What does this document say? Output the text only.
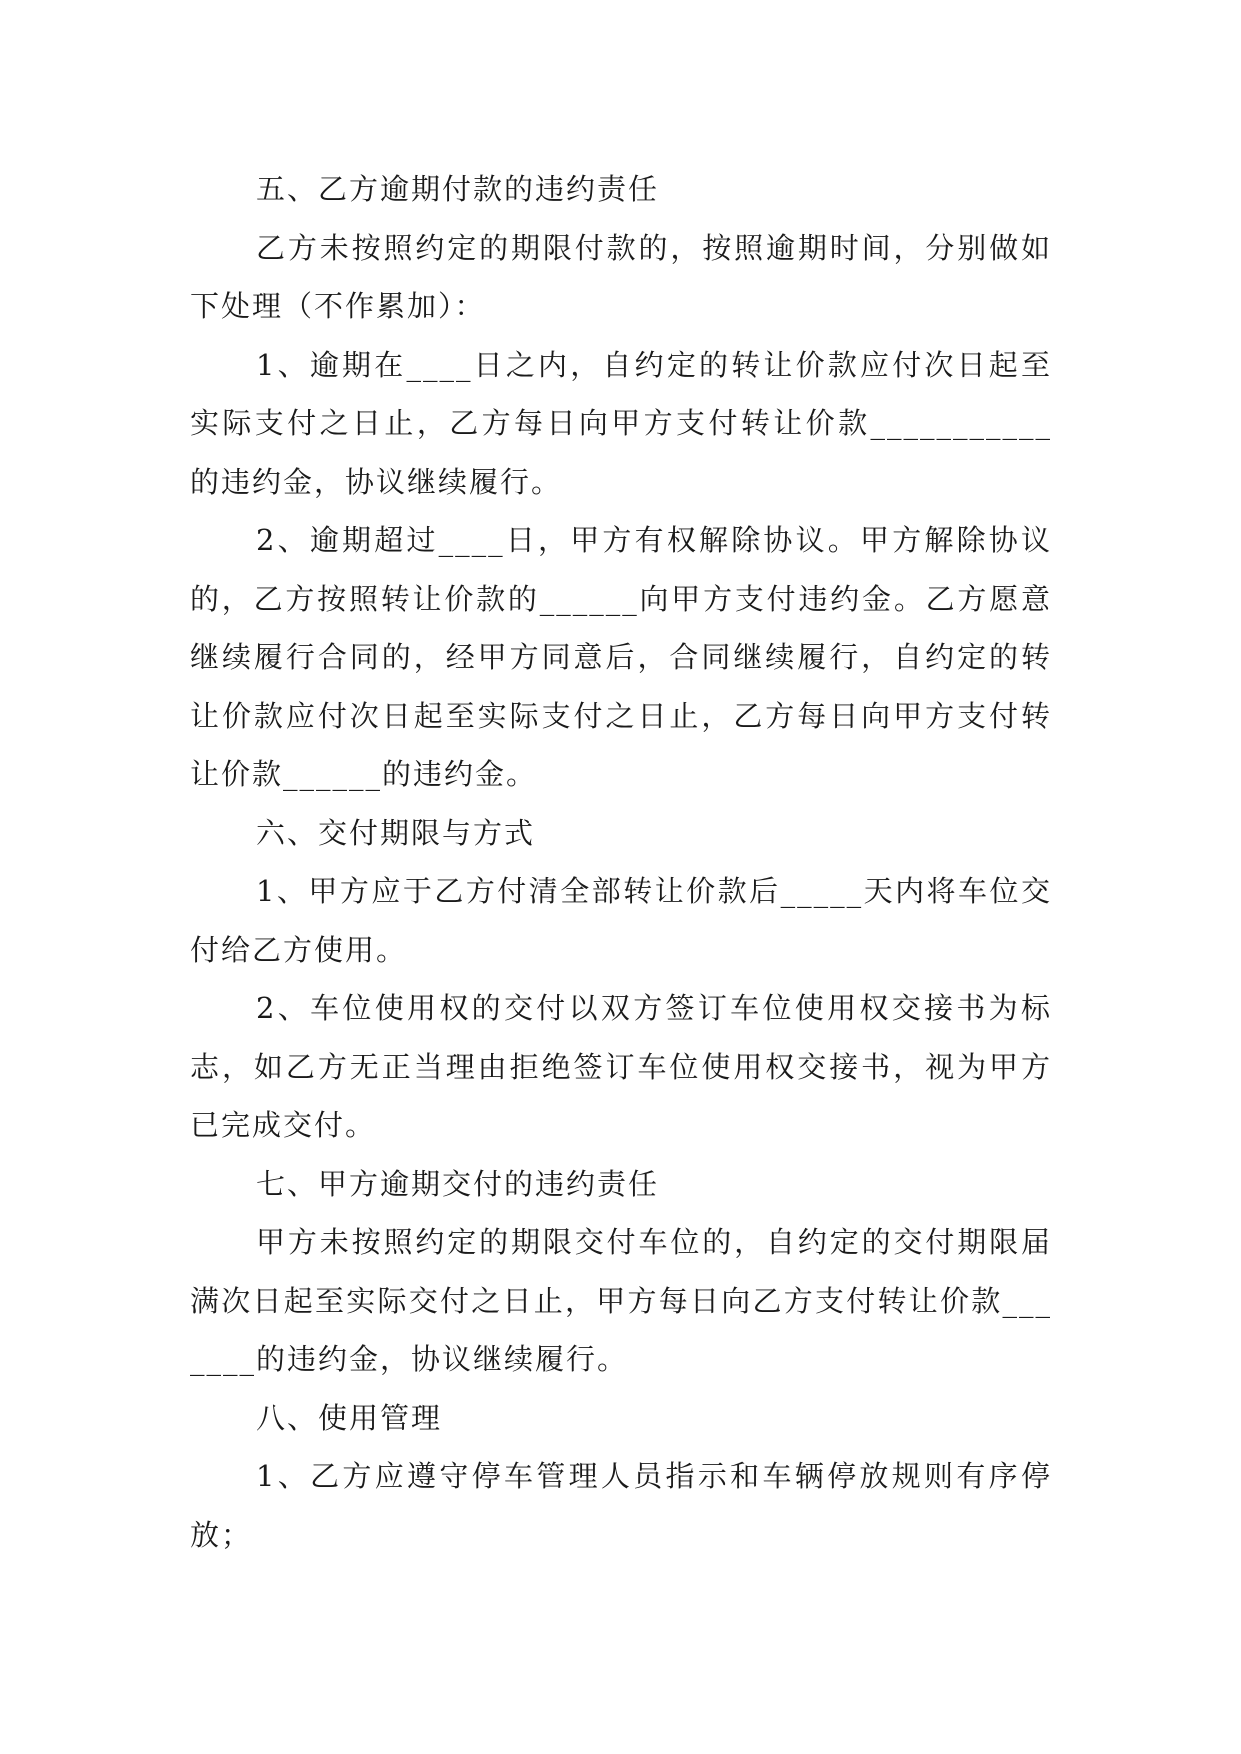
五、乙方逾期付款的违约责任

乙方未按照约定的期限付款的，按照逾期时间，分别做如下处理（不作累加）：

1、逾期在____日之内，自约定的转让价款应付次日起至实际支付之日止，乙方每日向甲方支付转让价款___________的违约金，协议继续履行。

2、逾期超过____日，甲方有权解除协议。甲方解除协议的，乙方按照转让价款的______向甲方支付违约金。乙方愿意继续履行合同的，经甲方同意后，合同继续履行，自约定的转让价款应付次日起至实际支付之日止，乙方每日向甲方支付转让价款______的违约金。

六、交付期限与方式

1、甲方应于乙方付清全部转让价款后_____天内将车位交付给乙方使用。

2、车位使用权的交付以双方签订车位使用权交接书为标志，如乙方无正当理由拒绝签订车位使用权交接书，视为甲方已完成交付。

七、甲方逾期交付的违约责任

甲方未按照约定的期限交付车位的，自约定的交付期限届满次日起至实际交付之日止，甲方每日向乙方支付转让价款_______的违约金，协议继续履行。

八、使用管理

1、乙方应遵守停车管理人员指示和车辆停放规则有序停放；
